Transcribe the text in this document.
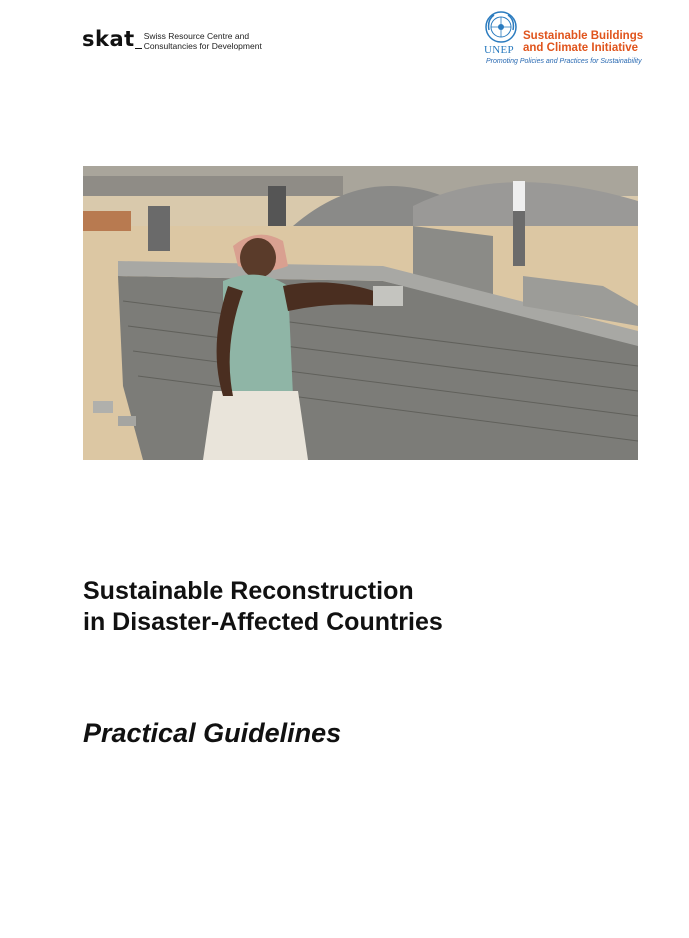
skat Swiss Resource Centre and
Consultancies for Development	UNEP
Sustainable Buildings
and Climate Initiative
Promoting Policies and Practices for Sustainability
Sustainable Reconstruction
in Disaster-Affected Countries
Practical Guidelines
